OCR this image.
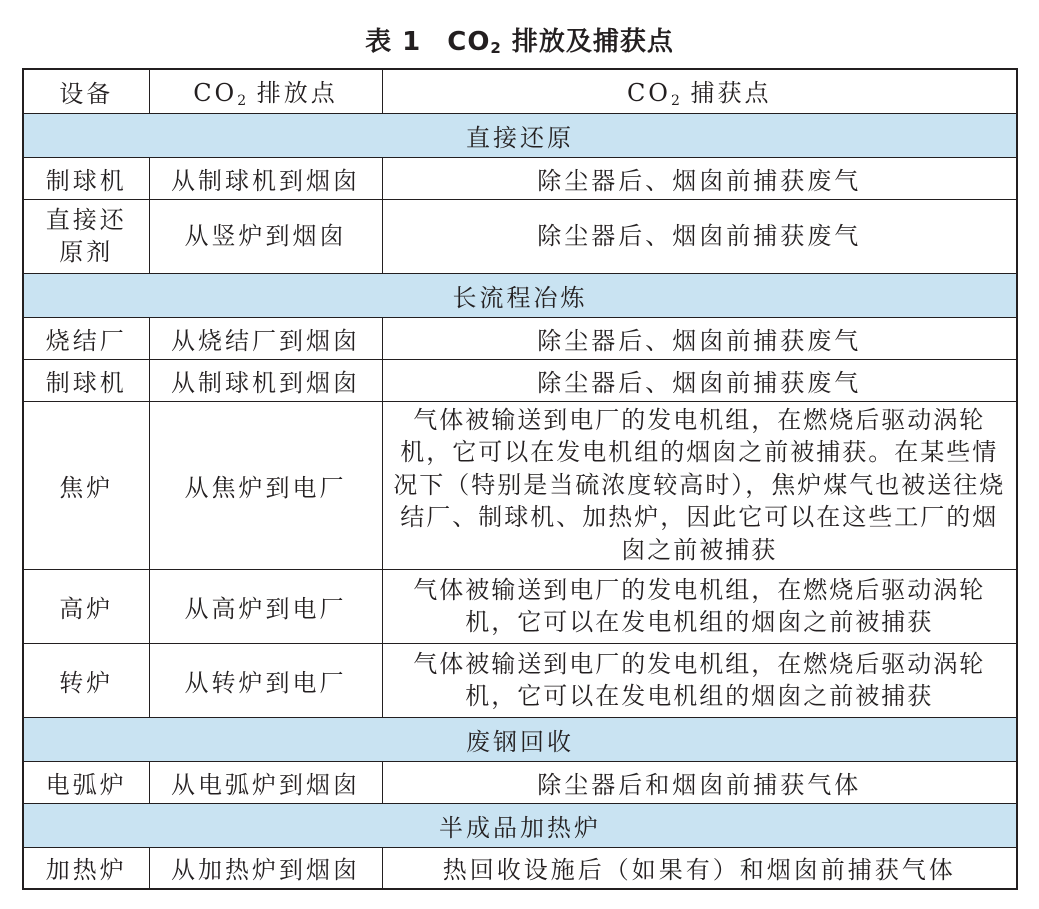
表 1 $CO_2$ 排放及捕获点
设备	$CO_2$ 排放点	$CO_2$ 捕获点
直接还原		
制球机	从制球机到烟囱	除尘器后、烟囱前捕获废气
直接还原剂	从竖炉到烟囱	除尘器后、烟囱前捕获废气
长流程冶炼		
烧结厂	从烧结厂到烟囱	除尘器后、烟囱前捕获废气
制球机	从制球机到烟囱	除尘器后、烟囱前捕获废气
焦炉	从焦炉到电厂	气体被输送到电厂的发电机组，在燃烧后驱动涡轮机，它可以在发电机组的烟囱之前被捕获。在某些情况下（特别是当硫浓度较高时），焦炉煤气也被送往烧结厂、制球机、加热炉，因此它可以在这些工厂的烟囱之前被捕获
高炉	从高炉到电厂	气体被输送到电厂的发电机组，在燃烧后驱动涡轮机，它可以在发电机组的烟囱之前被捕获
转炉	从转炉到电厂	气体被输送到电厂的发电机组，在燃烧后驱动涡轮机，它可以在发电机组的烟囱之前被捕获
废钢回收		
电弧炉	从电弧炉到烟囱	除尘器后和烟囱前捕获气体
半成品加热炉		
加热炉	从加热炉到烟囱	热回收设施后（如果有）和烟囱前捕获气体
